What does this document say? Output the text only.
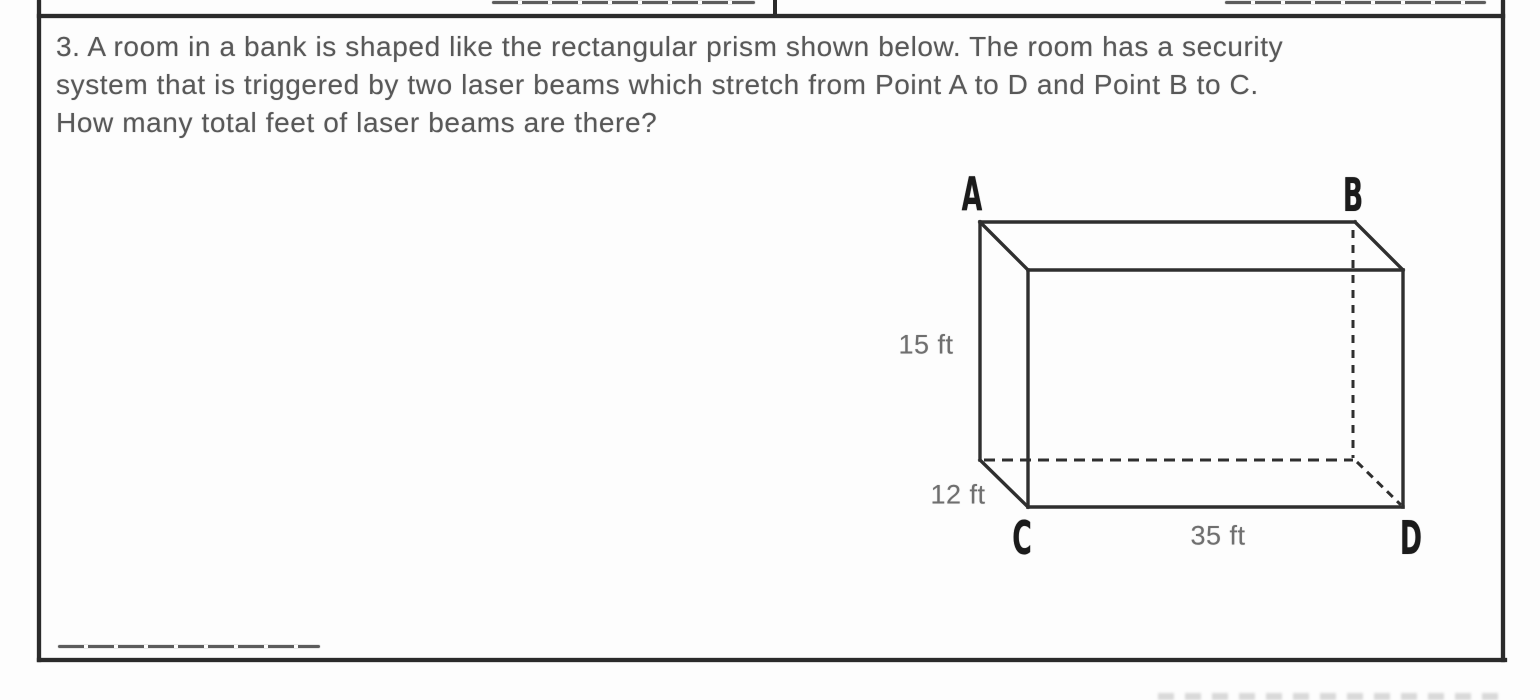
3. A room in a bank is shaped like the rectangular prism shown below. The room has a security
system that is triggered by two laser beams which stretch from Point A to D and Point B to C.
How many total feet of laser beams are there?
A	B
C	D
15 ft
12 ft
35 ft
